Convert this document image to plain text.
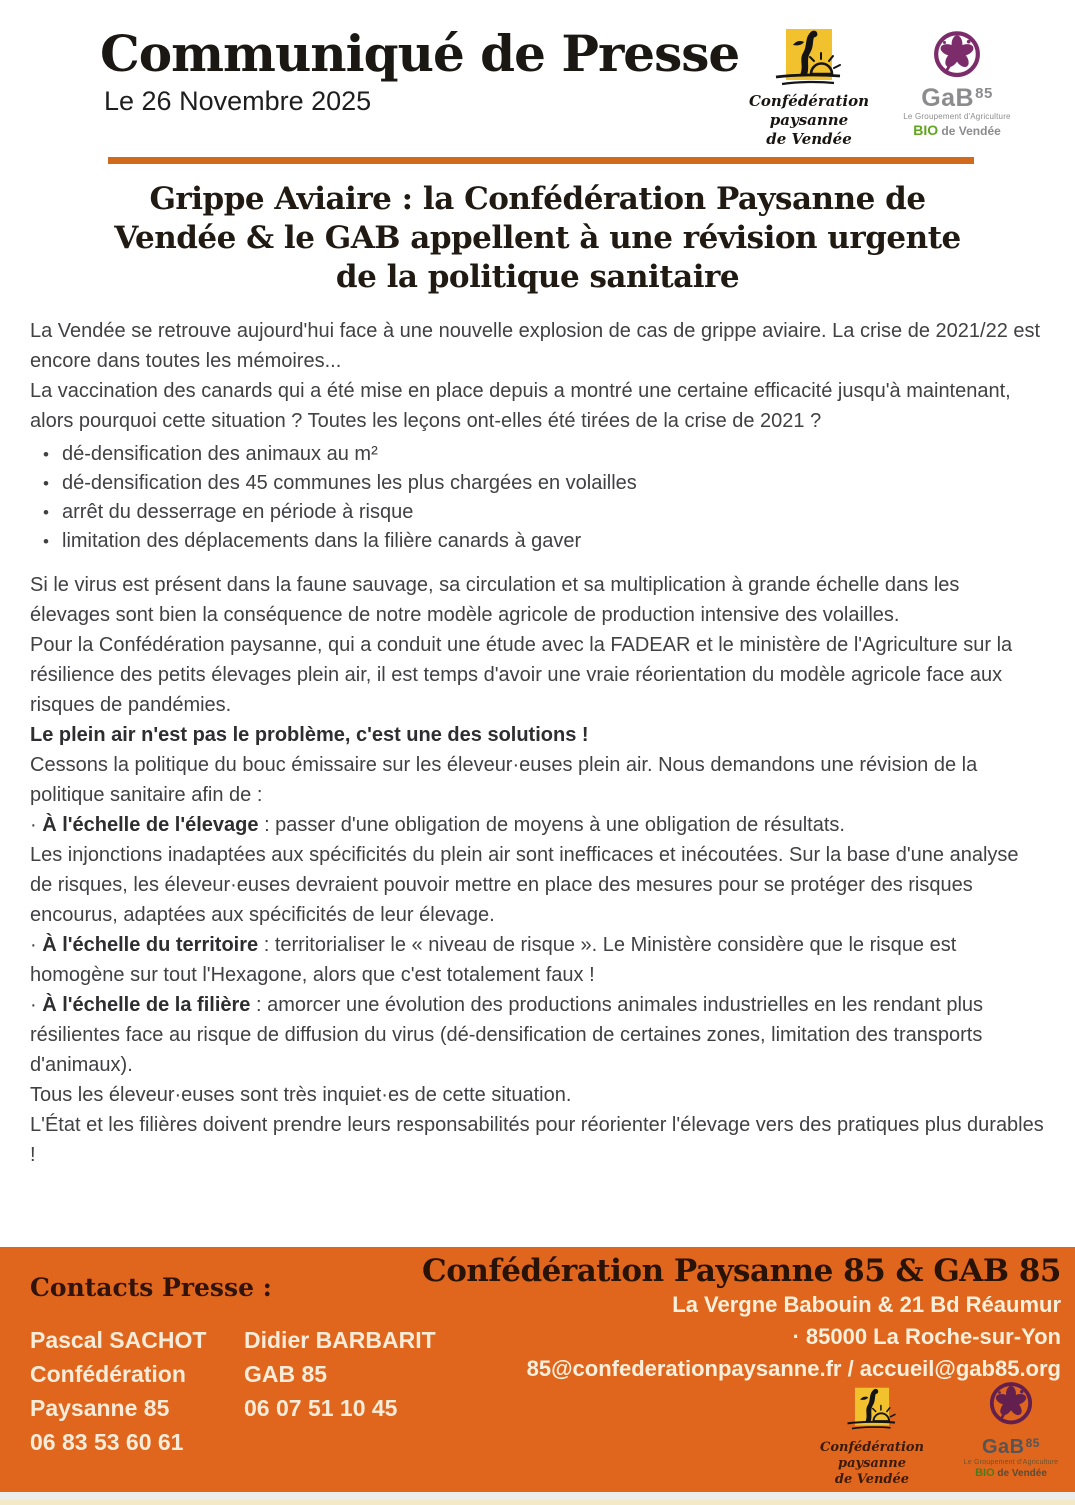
Communiqué de Presse
Le 26 Novembre 2025	Confédération paysanne
de Vendée
GaB$^{85}$
Le Groupement d'Agriculture
BIO de Vendée
Grippe Aviaire : la Confédération Paysanne de
Vendée & le GAB appellent à une révision urgente
de la politique sanitaire

La Vendée se retrouve aujourd'hui face à une nouvelle explosion de cas de grippe aviaire. La crise de 2021/22 est encore dans toutes les mémoires...

La vaccination des canards qui a été mise en place depuis a montré une certaine efficacité jusqu'à maintenant, alors pourquoi cette situation ? Toutes les leçons ont-elles été tirées de la crise de 2021 ?

• dé-densification des animaux au m²
• dé-densification des 45 communes les plus chargées en volailles
• arrêt du desserrage en période à risque
• limitation des déplacements dans la filière canards à gaver

Si le virus est présent dans la faune sauvage, sa circulation et sa multiplication à grande échelle dans les élevages sont bien la conséquence de notre modèle agricole de production intensive des volailles.

Pour la Confédération paysanne, qui a conduit une étude avec la FADEAR et le ministère de l'Agriculture sur la résilience des petits élevages plein air, il est temps d'avoir une vraie réorientation du modèle agricole face aux risques de pandémies.

Le plein air n'est pas le problème, c'est une des solutions !

Cessons la politique du bouc émissaire sur les éleveur·euses plein air. Nous demandons une révision de la politique sanitaire afin de :

· À l'échelle de l'élevage : passer d'une obligation de moyens à une obligation de résultats.

Les injonctions inadaptées aux spécificités du plein air sont inefficaces et inécoutées. Sur la base d'une analyse de risques, les éleveur·euses devraient pouvoir mettre en place des mesures pour se protéger des risques encourus, adaptées aux spécificités de leur élevage.

· À l'échelle du territoire : territorialiser le « niveau de risque ». Le Ministère considère que le risque est homogène sur tout l'Hexagone, alors que c'est totalement faux !

· À l'échelle de la filière : amorcer une évolution des productions animales industrielles en les rendant plus résilientes face au risque de diffusion du virus (dé-densification de certaines zones, limitation des transports d'animaux).

Tous les éleveur·euses sont très inquiet·es de cette situation.

L'État et les filières doivent prendre leurs responsabilités pour réorienter l'élevage vers des pratiques plus durables !

Contacts Presse :
Pascal SACHOT
Confédération
Paysanne 85
06 83 53 60 61
Didier BARBARIT
GAB 85
06 07 51 10 45
Confédération Paysanne 85 & GAB 85
La Vergne Babouin & 21 Bd Réaumur
· 85000 La Roche-sur-Yon
85@confederationpaysanne.fr / accueil@gab85.org
Confédération paysanne
de Vendée
GaB$^{85}$
Le Groupement d'Agriculture
BIO de Vendée
